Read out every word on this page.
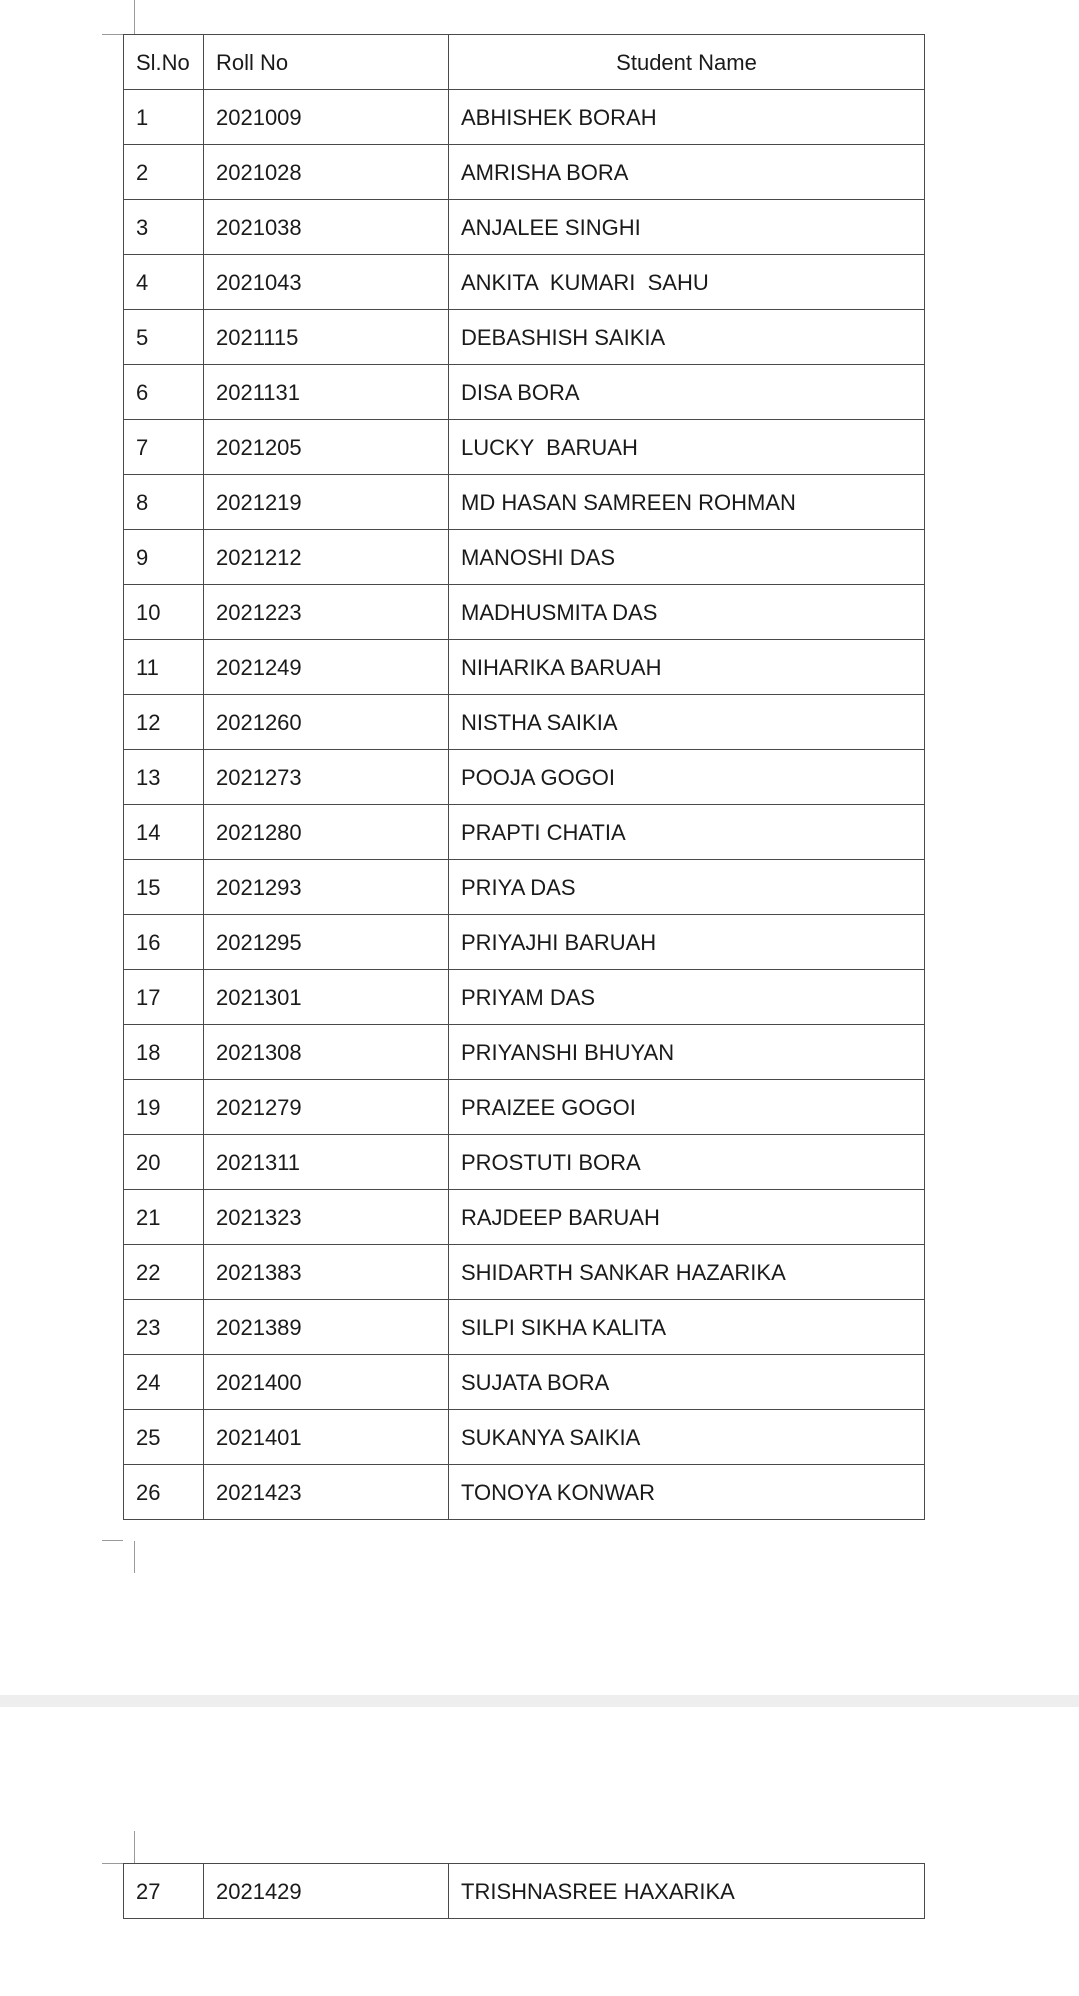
Sl.No	Roll No	Student Name
1	2021009	ABHISHEK BORAH
2	2021028	AMRISHA BORA
3	2021038	ANJALEE SINGHI
4	2021043	ANKITA  KUMARI  SAHU
5	2021115	DEBASHISH SAIKIA
6	2021131	DISA BORA
7	2021205	LUCKY  BARUAH
8	2021219	MD HASAN SAMREEN ROHMAN
9	2021212	MANOSHI DAS
10	2021223	MADHUSMITA DAS
11	2021249	NIHARIKA BARUAH
12	2021260	NISTHA SAIKIA
13	2021273	POOJA GOGOI
14	2021280	PRAPTI CHATIA
15	2021293	PRIYA DAS
16	2021295	PRIYAJHI BARUAH
17	2021301	PRIYAM DAS
18	2021308	PRIYANSHI BHUYAN
19	2021279	PRAIZEE GOGOI
20	2021311	PROSTUTI BORA
21	2021323	RAJDEEP BARUAH
22	2021383	SHIDARTH SANKAR HAZARIKA
23	2021389	SILPI SIKHA KALITA
24	2021400	SUJATA BORA
25	2021401	SUKANYA SAIKIA
26	2021423	TONOYA KONWAR
27	2021429	TRISHNASREE HAXARIKA
